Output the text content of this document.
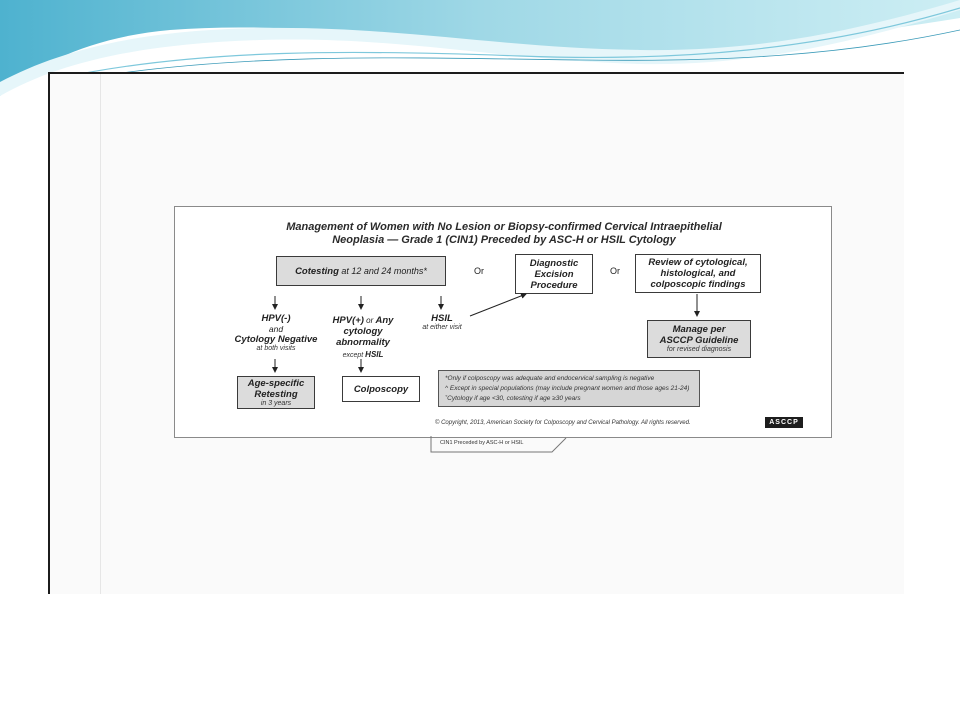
Management of Women with No Lesion or Biopsy-confirmed Cervical Intraepithelial
Neoplasia — Grade 1 (CIN1) Preceded by ASC-H or HSIL Cytology
Cotesting at 12 and 24 months*	Or
Diagnostic
Excision
Procedure
Or
Review of cytological,
histological, and
colposcopic findings
HPV(-)
and
Cytology Negative
at both visits
HPV(+) or Any
cytology
abnormality
except HSIL
HSIL
at either visit	Manage per
ASCCP Guideline
for revised diagnosis
Age-specific
Retesting
in 3 years
Colposcopy
*Only if colposcopy was adequate and endocervical sampling is negative
^ Except in special populations (may include pregnant women and those ages 21-24)
˚Cytology if age <30, cotesting if age ≥30 years
© Copyright, 2013, American Society for Colposcopy and Cervical Pathology. All rights reserved.	ASCCP
CIN1 Preceded by ASC-H or HSIL
